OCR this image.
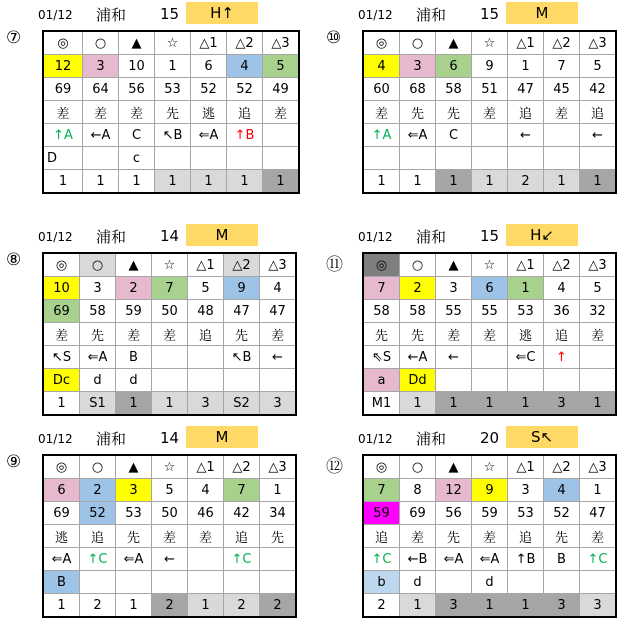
⑦
01/12 浦和 15	H↑
◎	○	▲	☆	△1	△2	△3
12	3	10	1	6	4	5
69	64	56	53	52	52	49
差	差	差	先	逃	追	差
↑A	←A	C	↖B	⇐A	↑B	
D		c				
1	1	1	1	1	1	1
⑩
01/12 浦和 15	M
◎	○	▲	☆	△1	△2	△3
4	3	6	9	1	7	5
60	68	58	51	47	45	42
差	先	先	差	追	差	追
↑A	⇐A	C		←		←

1	1	1	1	2	1	1
⑧
01/12 浦和 14	M
◎	○	▲	☆	△1	△2	△3
10	3	2	7	5	9	4
69	58	59	50	48	47	47
差	先	差	差	追	先	差
↖S	⇐A	B			↖B	←
Dc	d	d				
1	S1	1	1	3	S2	3
⑪
01/12 浦和 15	H↙
◎	○	▲	☆	△1	△2	△3
7	2	3	6	1	4	5
58	58	55	55	53	36	32
先	先	差	差	逃	追	差
⇖S	←A	←		⇐C	↑	
a	Dd					
M1	1	1	1	1	3	1
⑨
01/12 浦和 14	M
◎	○	▲	☆	△1	△2	△3
6	2	3	5	4	7	1
69	52	53	50	46	42	34
逃	追	先	差	差	追	先
⇐A	↑C	⇐A	←		↑C	
B						
1	2	1	2	1	2	2
⑫
01/12 浦和 20	S↖
◎	○	▲	☆	△1	△2	△3
7	8	12	9	3	4	1
59	69	56	59	53	52	47
追	差	先	差	追	先	差
↑C	←B	⇐A	⇐A	↑B	B	↑C
b	d		d			
2	1	3	1	1	3	3
